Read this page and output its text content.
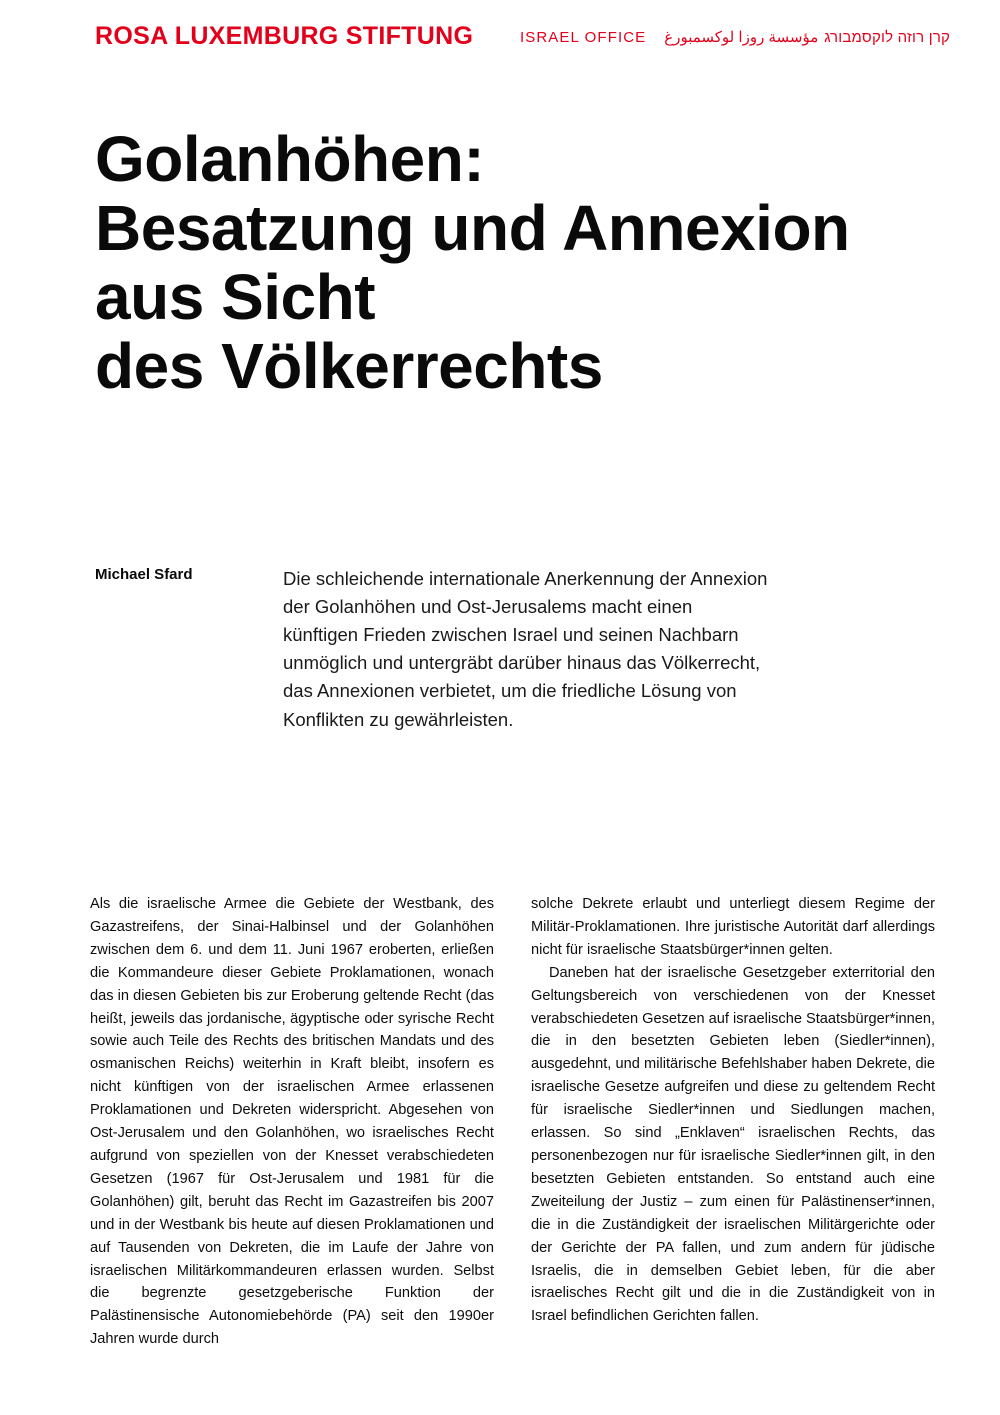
ROSA LUXEMBURG STIFTUNG	ISRAEL OFFICE	קרן רוזה לוקסמבורגمؤسسة روزا لوكسمبورغ
Golanhöhen:
Besatzung und Annexion
aus Sicht
des Völkerrechts
Michael Sfard	Die schleichende internationale Anerkennung der Annexion der Golanhöhen und Ost-Jerusalems macht einen künftigen Frieden zwischen Israel und seinen Nachbarn unmöglich und untergräbt darüber hinaus das Völkerrecht, das Annexionen verbietet, um die friedliche Lösung von Konflikten zu gewährleisten.

Als die israelische Armee die Gebiete der Westbank, des Gazastreifens, der Sinai-Halbinsel und der Golanhöhen zwischen dem 6. und dem 11. Juni 1967 eroberten, erließen die Kommandeure dieser Gebiete Proklamationen, wonach das in diesen Gebieten bis zur Eroberung geltende Recht (das heißt, jeweils das jordanische, ägyptische oder syrische Recht sowie auch Teile des Rechts des britischen Mandats und des osmanischen Reichs) weiterhin in Kraft bleibt, insofern es nicht künftigen von der israelischen Armee erlassenen Proklamationen und Dekreten widerspricht. Abgesehen von Ost-Jerusalem und den Golanhöhen, wo israelisches Recht aufgrund von speziellen von der Knesset verabschiedeten Gesetzen (1967 für Ost-Jerusalem und 1981 für die Golanhöhen) gilt, beruht das Recht im Gazastreifen bis 2007 und in der Westbank bis heute auf diesen Proklamationen und auf Tausenden von Dekreten, die im Laufe der Jahre von israelischen Militärkommandeuren erlassen wurden. Selbst die begrenzte gesetzgeberische Funktion der Palästinensische Autonomiebehörde (PA) seit den 1990er Jahren wurde durch

solche Dekrete erlaubt und unterliegt diesem Regime der Militär-Proklamationen. Ihre juristische Autorität darf allerdings nicht für israelische Staatsbürger*innen gelten.

Daneben hat der israelische Gesetzgeber exterritorial den Geltungsbereich von verschiedenen von der Knesset verabschiedeten Gesetzen auf israelische Staatsbürger*innen, die in den besetzten Gebieten leben (Siedler*innen), ausgedehnt, und militärische Befehlshaber haben Dekrete, die israelische Gesetze aufgreifen und diese zu geltendem Recht für israelische Siedler*innen und Siedlungen machen, erlassen. So sind „Enklaven“ israelischen Rechts, das personenbezogen nur für israelische Siedler*innen gilt, in den besetzten Gebieten entstanden. So entstand auch eine Zweiteilung der Justiz – zum einen für Palästinenser*innen, die in die Zuständigkeit der israelischen Militärgerichte oder der Gerichte der PA fallen, und zum andern für jüdische Israelis, die in demselben Gebiet leben, für die aber israelisches Recht gilt und die in die Zuständigkeit von in Israel befindlichen Gerichten fallen.
